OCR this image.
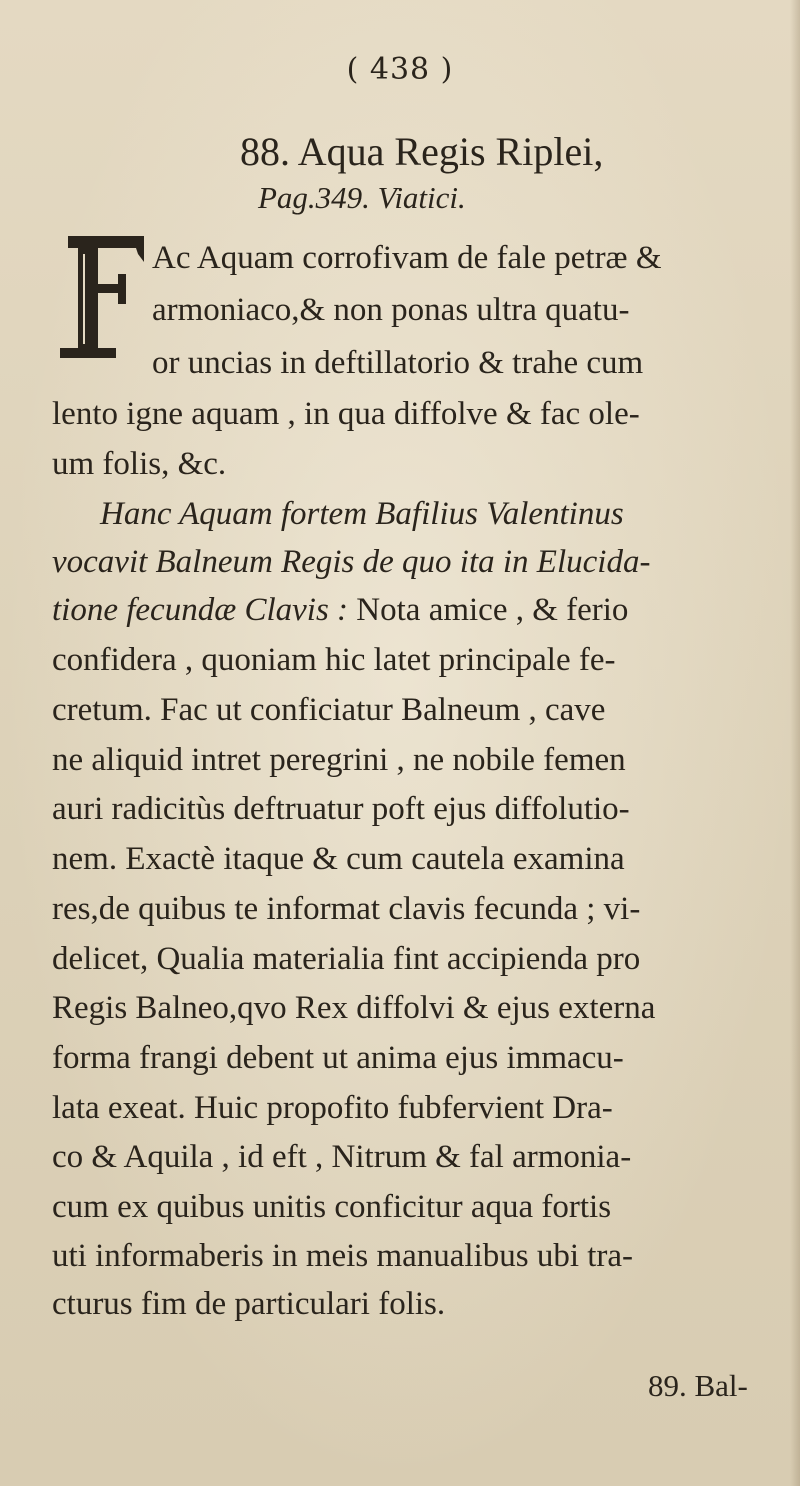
( 438 )
88. Aqua Regis Riplei,
Pag.349. Viatici.
Ac Aquam corrofivam de fale petræ &
armoniaco,& non ponas ultra quatu-
or uncias in deftillatorio & trahe cum
lento igne aquam , in qua diffolve & fac ole-
um folis, &c.
Hanc Aquam fortem Bafilius Valentinus
vocavit Balneum Regis de quo ita in Elucida-
tione fecundæ Clavis : Nota amice , & ferio
confidera , quoniam hic latet principale fe-
cretum. Fac ut conficiatur Balneum , cave
ne aliquid intret peregrini , ne nobile femen
auri radicitùs deftruatur poft ejus diffolutio-
nem. Exactè itaque & cum cautela examina
res,de quibus te informat clavis fecunda ; vi-
delicet, Qualia materialia fint accipienda pro
Regis Balneo,qvo Rex diffolvi & ejus externa
forma frangi debent ut anima ejus immacu-
lata exeat. Huic propofito fubfervient Dra-
co & Aquila , id eft , Nitrum & fal armonia-
cum ex quibus unitis conficitur aqua fortis
uti informaberis in meis manualibus ubi tra-
cturus fim de particulari folis.
89. Bal-
